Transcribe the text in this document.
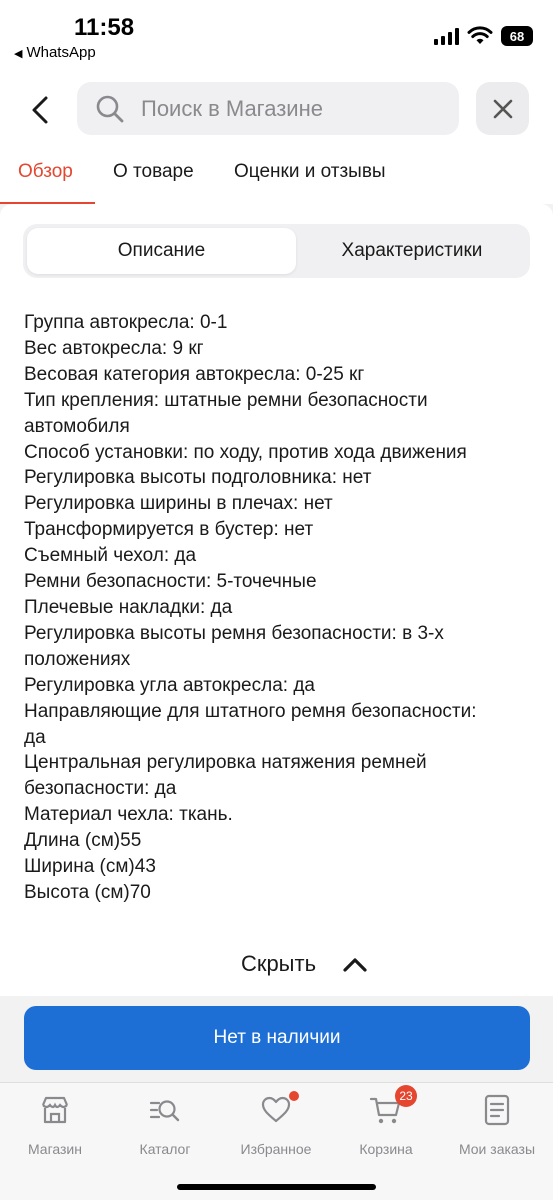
11:58
◀ WhatsApp
68
Поиск в Магазине
Обзор О товаре Оценки и отзывы
Описание	Характеристики
Группа автокресла: 0-1
Вес автокресла: 9 кг
Весовая категория автокресла: 0-25 кг
Тип крепления: штатные ремни безопасности
автомобиля
Способ установки: по ходу, против хода движения
Регулировка высоты подголовника: нет
Регулировка ширины в плечах: нет
Трансформируется в бустер: нет
Съемный чехол: да
Ремни безопасности: 5-точечные
Плечевые накладки: да
Регулировка высоты ремня безопасности: в 3-х
положениях
Регулировка угла автокресла: да
Направляющие для штатного ремня безопасности:
да
Центральная регулировка натяжения ремней
безопасности: да
Материал чехла: ткань.
Длина (см)55
Ширина (см)43
Высота (см)70
Скрыть
Нет в наличии
Магазин	Каталог	Избранное
23
Корзина	Мои заказы
